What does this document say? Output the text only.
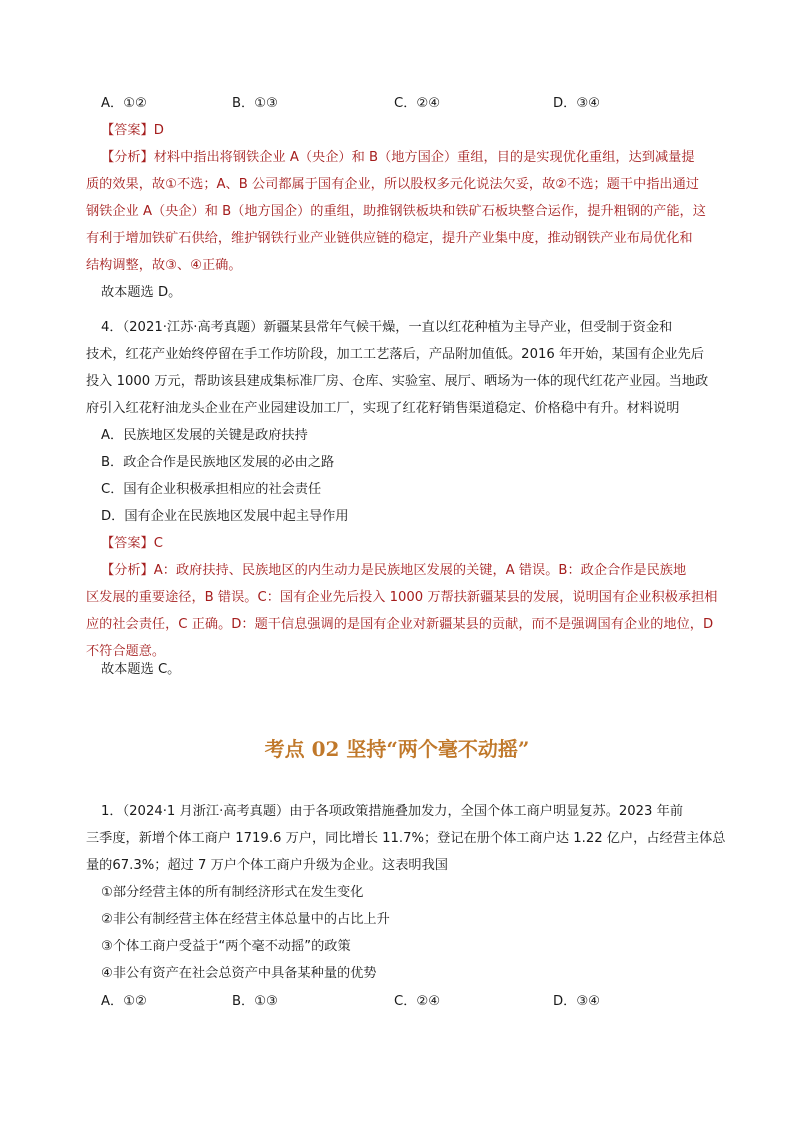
A．①②	B．①③	C．②④	D．③④
【答案】D
【分析】材料中指出将钢铁企业 A（央企）和 B（地方国企）重组，目的是实现优化重组，达到减量提
质的效果，故①不选；A、B 公司都属于国有企业，所以股权多元化说法欠妥，故②不选；题干中指出通过
钢铁企业 A（央企）和 B（地方国企）的重组，助推钢铁板块和铁矿石板块整合运作，提升粗钢的产能，这
有利于增加铁矿石供给，维护钢铁行业产业链供应链的稳定，提升产业集中度，推动钢铁产业布局优化和
结构调整，故③、④正确。
故本题选 D。
4．（2021·江苏·高考真题）新疆某县常年气候干燥，一直以红花种植为主导产业，但受制于资金和
技术，红花产业始终停留在手工作坊阶段，加工工艺落后，产品附加值低。2016 年开始，某国有企业先后
投入 1000 万元，帮助该县建成集标准厂房、仓库、实验室、展厅、晒场为一体的现代红花产业园。当地政
府引入红花籽油龙头企业在产业园建设加工厂，实现了红花籽销售渠道稳定、价格稳中有升。材料说明
A．民族地区发展的关键是政府扶持
B．政企合作是民族地区发展的必由之路
C．国有企业积极承担相应的社会责任
D．国有企业在民族地区发展中起主导作用
【答案】C
【分析】A：政府扶持、民族地区的内生动力是民族地区发展的关键，A 错误。B：政企合作是民族地
区发展的重要途径，B 错误。C：国有企业先后投入 1000 万帮扶新疆某县的发展，说明国有企业积极承担相
应的社会责任，C 正确。D：题干信息强调的是国有企业对新疆某县的贡献，而不是强调国有企业的地位，D
不符合题意。
故本题选 C。
考点 02 坚持“两个毫不动摇”
1．（2024·1 月浙江·高考真题）由于各项政策措施叠加发力，全国个体工商户明显复苏。2023 年前
三季度，新增个体工商户 1719.6 万户，同比增长 11.7%；登记在册个体工商户达 1.22 亿户，占经营主体总
量的67.3%；超过 7 万户个体工商户升级为企业。这表明我国
①部分经营主体的所有制经济形式在发生变化
②非公有制经营主体在经营主体总量中的占比上升
③个体工商户受益于“两个毫不动摇”的政策
④非公有资产在社会总资产中具备某种量的优势
A．①②	B．①③	C．②④	D．③④
